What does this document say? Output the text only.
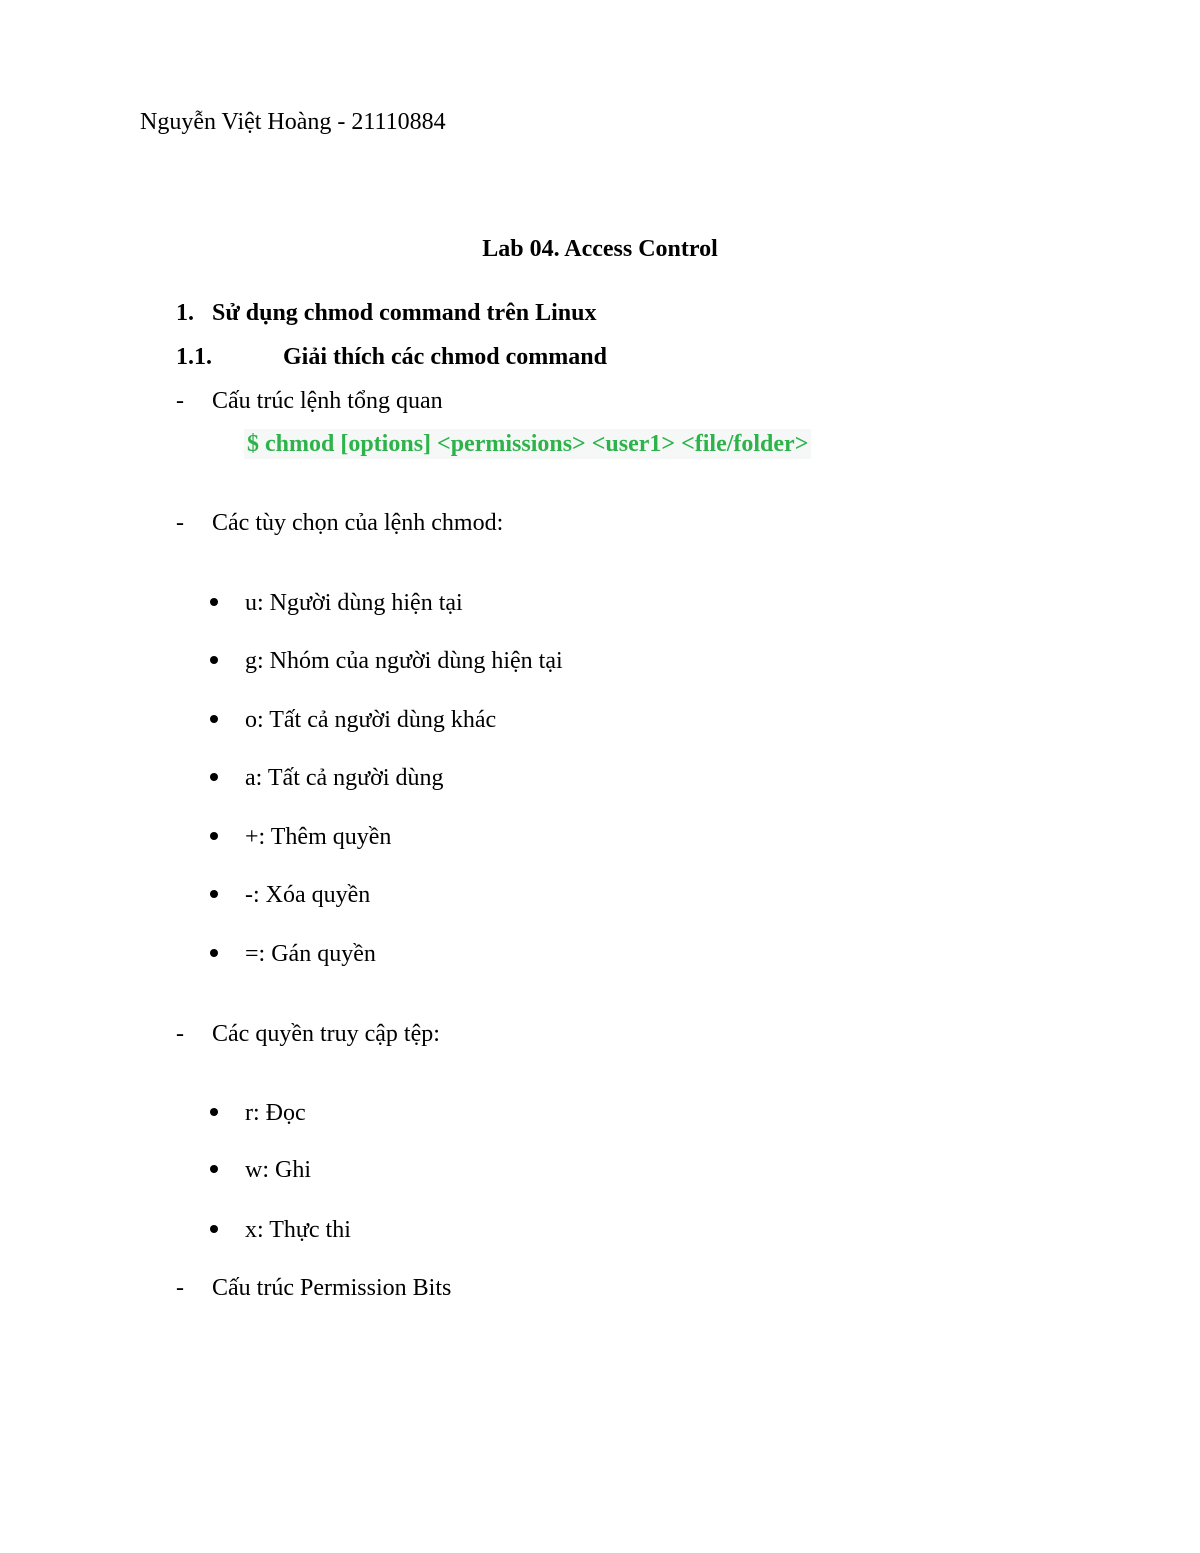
Nguyễn Việt Hoàng - 21110884
Lab 04. Access Control
1. Sử dụng chmod command trên Linux
1.1.	Giải thích các chmod command
- Cấu trúc lệnh tổng quan
$ chmod [options] <permissions> <user1> <file/folder>
- Các tùy chọn của lệnh chmod:
u: Người dùng hiện tại
g: Nhóm của người dùng hiện tại
o: Tất cả người dùng khác
a: Tất cả người dùng
+: Thêm quyền
-: Xóa quyền
=: Gán quyền
- Các quyền truy cập tệp:
r: Đọc
w: Ghi
x: Thực thi
- Cấu trúc Permission Bits
